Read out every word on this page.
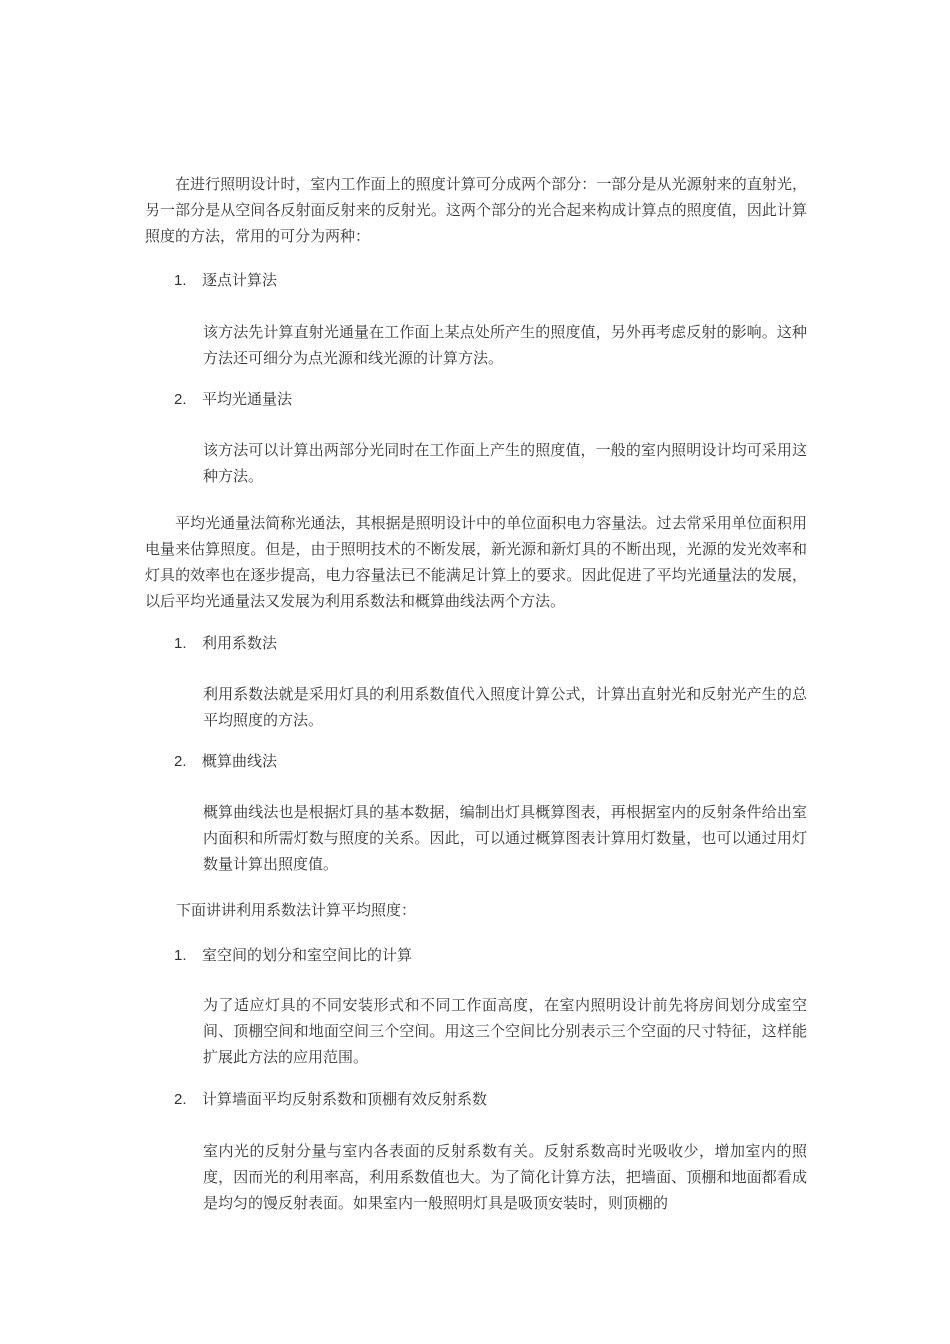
在进行照明设计时，室内工作面上的照度计算可分成两个部分：一部分是从光源射来的直射光，另一部分是从空间各反射面反射来的反射光。这两个部分的光合起来构成计算点的照度值，因此计算照度的方法，常用的可分为两种：

1. 逐点计算法

该方法先计算直射光通量在工作面上某点处所产生的照度值，另外再考虑反射的影响。这种方法还可细分为点光源和线光源的计算方法。

2. 平均光通量法

该方法可以计算出两部分光同时在工作面上产生的照度值，一般的室内照明设计均可采用这种方法。

平均光通量法简称光通法，其根据是照明设计中的单位面积电力容量法。过去常采用单位面积用电量来估算照度。但是，由于照明技术的不断发展，新光源和新灯具的不断出现，光源的发光效率和灯具的效率也在逐步提高，电力容量法已不能满足计算上的要求。因此促进了平均光通量法的发展，以后平均光通量法又发展为利用系数法和概算曲线法两个方法。

1. 利用系数法

利用系数法就是采用灯具的利用系数值代入照度计算公式，计算出直射光和反射光产生的总平均照度的方法。

2. 概算曲线法

概算曲线法也是根据灯具的基本数据，编制出灯具概算图表，再根据室内的反射条件给出室内面积和所需灯数与照度的关系。因此，可以通过概算图表计算用灯数量，也可以通过用灯数量计算出照度值。

下面讲讲利用系数法计算平均照度：

1. 室空间的划分和室空间比的计算

为了适应灯具的不同安装形式和不同工作面高度，在室内照明设计前先将房间划分成室空间、顶棚空间和地面空间三个空间。用这三个空间比分别表示三个空面的尺寸特征，这样能扩展此方法的应用范围。

2. 计算墙面平均反射系数和顶棚有效反射系数

室内光的反射分量与室内各表面的反射系数有关。反射系数高时光吸收少，增加室内的照度，因而光的利用率高，利用系数值也大。为了简化计算方法，把墙面、顶棚和地面都看成是均匀的馒反射表面。如果室内一般照明灯具是吸顶安装时，则顶棚的
